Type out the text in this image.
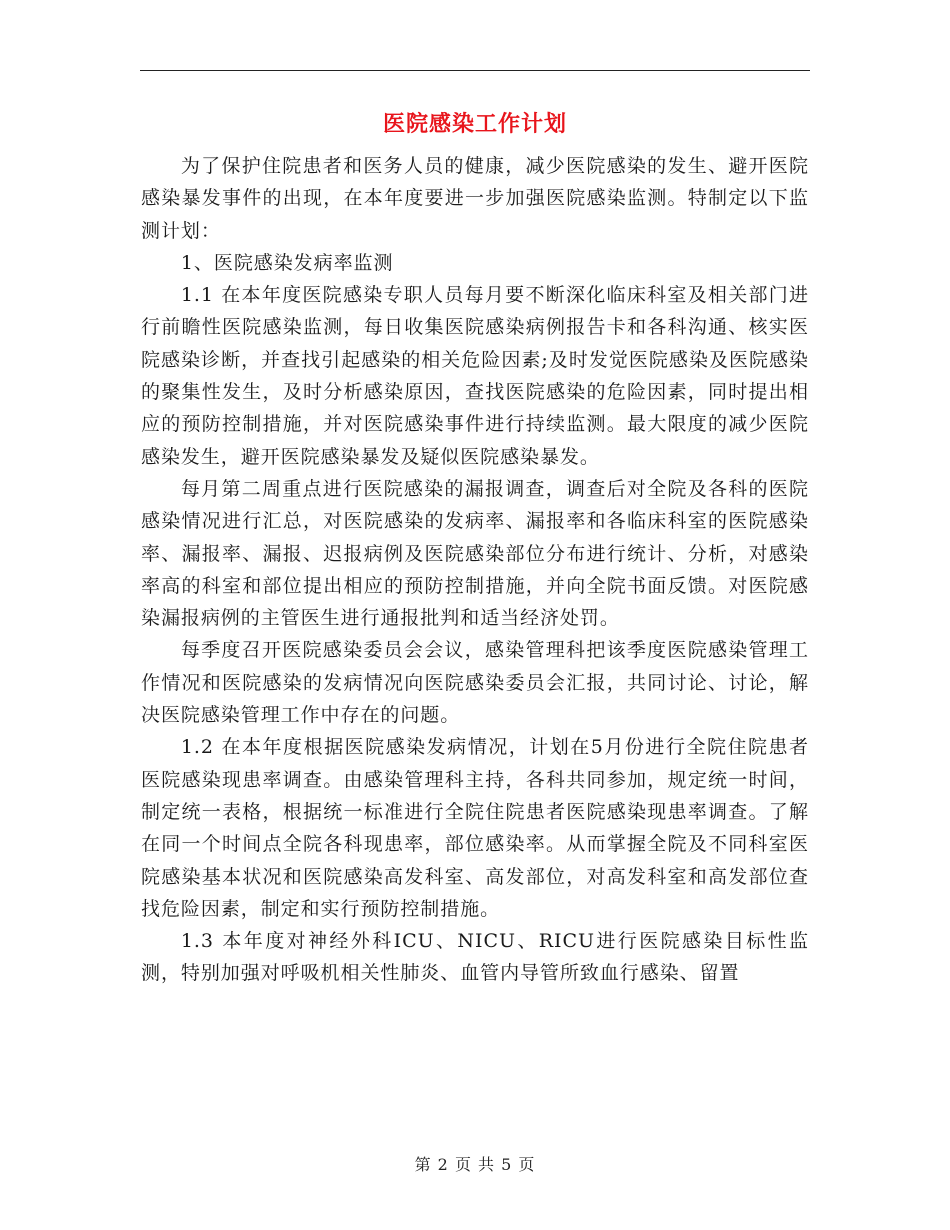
医院感染工作计划

为了保护住院患者和医务人员的健康，减少医院感染的发生、避开医院感染暴发事件的出现，在本年度要进一步加强医院感染监测。特制定以下监测计划：

1、医院感染发病率监测

1.1 在本年度医院感染专职人员每月要不断深化临床科室及相关部门进行前瞻性医院感染监测，每日收集医院感染病例报告卡和各科沟通、核实医院感染诊断，并查找引起感染的相关危险因素;及时发觉医院感染及医院感染的聚集性发生，及时分析感染原因，查找医院感染的危险因素，同时提出相应的预防控制措施，并对医院感染事件进行持续监测。最大限度的减少医院感染发生，避开医院感染暴发及疑似医院感染暴发。

每月第二周重点进行医院感染的漏报调查，调查后对全院及各科的医院感染情况进行汇总，对医院感染的发病率、漏报率和各临床科室的医院感染率、漏报率、漏报、迟报病例及医院感染部位分布进行统计、分析，对感染率高的科室和部位提出相应的预防控制措施，并向全院书面反馈。对医院感染漏报病例的主管医生进行通报批判和适当经济处罚。

每季度召开医院感染委员会会议，感染管理科把该季度医院感染管理工作情况和医院感染的发病情况向医院感染委员会汇报，共同讨论、讨论，解决医院感染管理工作中存在的问题。

1.2 在本年度根据医院感染发病情况，计划在5月份进行全院住院患者医院感染现患率调查。由感染管理科主持，各科共同参加，规定统一时间，制定统一表格，根据统一标准进行全院住院患者医院感染现患率调查。了解在同一个时间点全院各科现患率，部位感染率。从而掌握全院及不同科室医院感染基本状况和医院感染高发科室、高发部位，对高发科室和高发部位查找危险因素，制定和实行预防控制措施。

1.3 本年度对神经外科ICU、NICU、RICU进行医院感染目标性监测，特别加强对呼吸机相关性肺炎、血管内导管所致血行感染、留置

第 2 页 共 5 页
